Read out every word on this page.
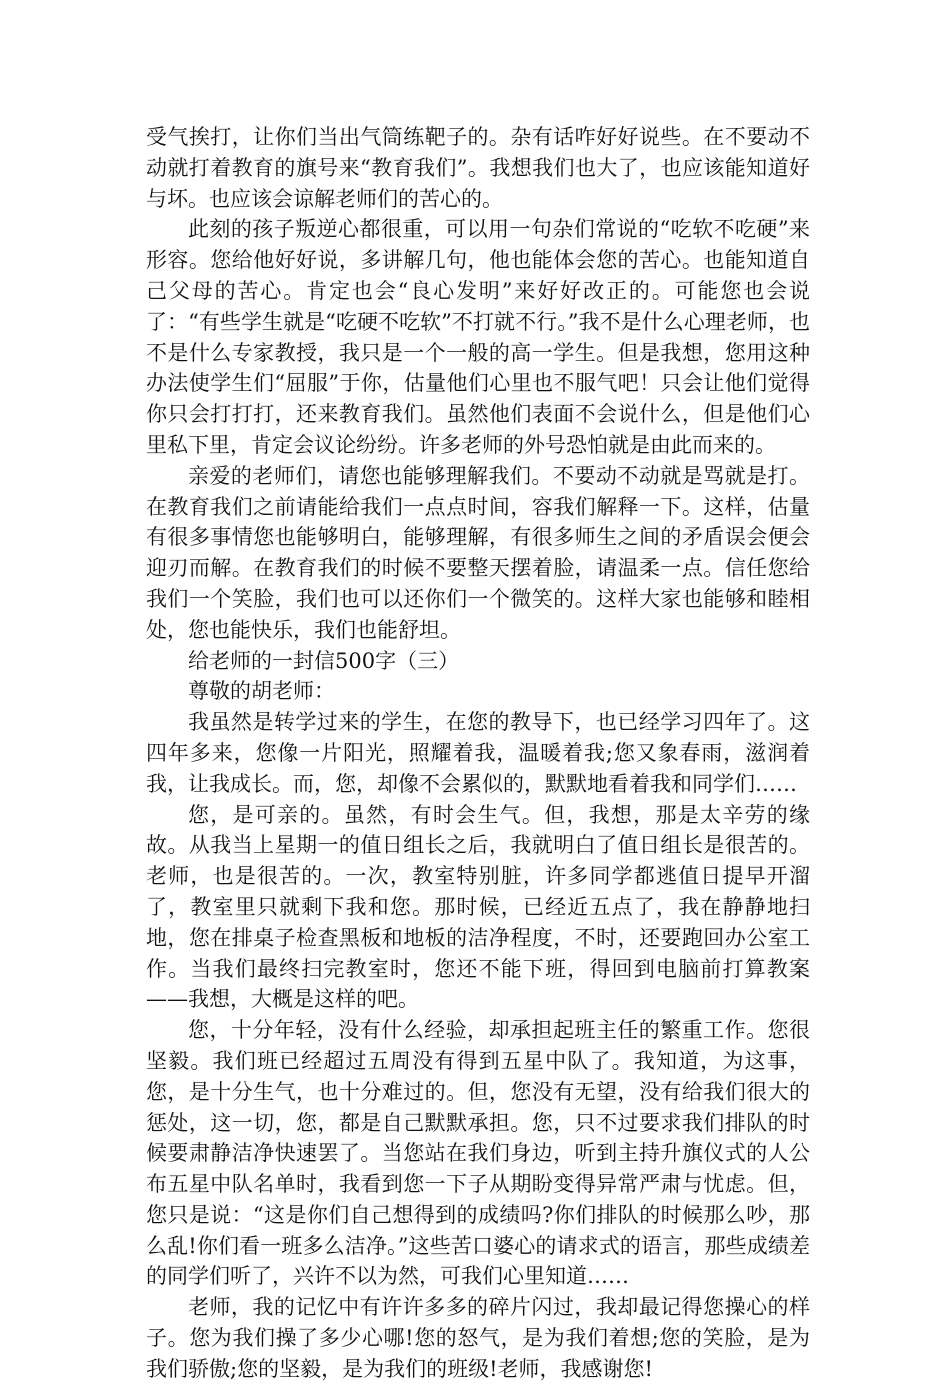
受气挨打，让你们当出气筒练靶子的。杂有话咋好好说些。在不要动不动就打着教育的旗号来“教育我们”。我想我们也大了，也应该能知道好与坏。也应该会谅解老师们的苦心的。

此刻的孩子叛逆心都很重，可以用一句杂们常说的“吃软不吃硬”来形容。您给他好好说，多讲解几句，他也能体会您的苦心。也能知道自己父母的苦心。肯定也会“良心发明”来好好改正的。可能您也会说了：“有些学生就是“吃硬不吃软”不打就不行。”我不是什么心理老师，也不是什么专家教授，我只是一个一般的高一学生。但是我想，您用这种办法使学生们“屈服”于你，估量他们心里也不服气吧！只会让他们觉得你只会打打打，还来教育我们。虽然他们表面不会说什么，但是他们心里私下里，肯定会议论纷纷。许多老师的外号恐怕就是由此而来的。

亲爱的老师们，请您也能够理解我们。不要动不动就是骂就是打。在教育我们之前请能给我们一点点时间，容我们解释一下。这样，估量有很多事情您也能够明白，能够理解，有很多师生之间的矛盾误会便会迎刃而解。在教育我们的时候不要整天摆着脸，请温柔一点。信任您给我们一个笑脸，我们也可以还你们一个微笑的。这样大家也能够和睦相处，您也能快乐，我们也能舒坦。

给老师的一封信500字（三）

尊敬的胡老师：

我虽然是转学过来的学生，在您的教导下，也已经学习四年了。这四年多来，您像一片阳光，照耀着我，温暖着我;您又象春雨，滋润着我，让我成长。而，您，却像不会累似的，默默地看着我和同学们……

您，是可亲的。虽然，有时会生气。但，我想，那是太辛劳的缘故。从我当上星期一的值日组长之后，我就明白了值日组长是很苦的。老师，也是很苦的。一次，教室特别脏，许多同学都逃值日提早开溜了，教室里只就剩下我和您。那时候，已经近五点了，我在静静地扫地，您在排桌子检查黑板和地板的洁净程度，不时，还要跑回办公室工作。当我们最终扫完教室时，您还不能下班，得回到电脑前打算教案——我想，大概是这样的吧。

您，十分年轻，没有什么经验，却承担起班主任的繁重工作。您很坚毅。我们班已经超过五周没有得到五星中队了。我知道，为这事，您，是十分生气，也十分难过的。但，您没有无望，没有给我们很大的惩处，这一切，您，都是自己默默承担。您，只不过要求我们排队的时候要肃静洁净快速罢了。当您站在我们身边，听到主持升旗仪式的人公布五星中队名单时，我看到您一下子从期盼变得异常严肃与忧虑。但，您只是说：“这是你们自己想得到的成绩吗?你们排队的时候那么吵，那么乱!你们看一班多么洁净。”这些苦口婆心的请求式的语言，那些成绩差的同学们听了，兴许不以为然，可我们心里知道……

老师，我的记忆中有许许多多的碎片闪过，我却最记得您操心的样子。您为我们操了多少心哪!您的怒气，是为我们着想;您的笑脸，是为我们骄傲;您的坚毅，是为我们的班级!老师，我感谢您!
